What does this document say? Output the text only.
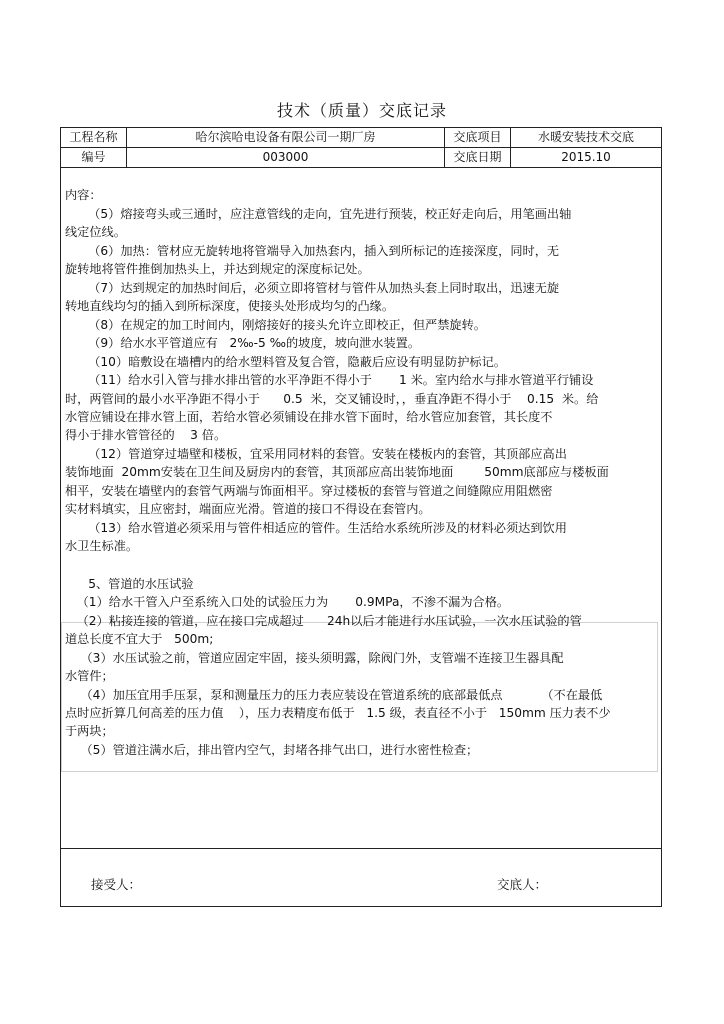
技术（质量）交底记录
工程名称	哈尔滨哈电设备有限公司一期厂房	交底项目	水暖安装技术交底
编号	003000	交底日期	2015.10
内容：
（5）熔接弯头或三通时，应注意管线的走向，宜先进行预装，校正好走向后，用笔画出轴
线定位线。
（6）加热：管材应无旋转地将管端导入加热套内，插入到所标记的连接深度，同时，无
旋转地将管件推倒加热头上，并达到规定的深度标记处。
（7）达到规定的加热时间后，必须立即将管材与管件从加热头套上同时取出，迅速无旋
转地直线均匀的插入到所标深度，使接头处形成均匀的凸缘。
（8）在规定的加工时间内，刚熔接好的接头允许立即校正，但严禁旋转。
（9）给水水平管道应有   2‰-5 ‰的坡度，坡向泄水装置。
（10）暗敷设在墙槽内的给水塑料管及复合管，隐蔽后应设有明显防护标记。
（11）给水引入管与排水排出管的水平净距不得小于       1 米。室内给水与排水管道平行铺设
时，两管间的最小水平净距不得小于      0.5  米，交叉铺设时，，垂直净距不得小于    0.15  米。给
水管应铺设在排水管上面，若给水管必须铺设在排水管下面时，给水管应加套管，其长度不
得小于排水管管径的    3 倍。
（12）管道穿过墙壁和楼板，宜采用同材料的套管。安装在楼板内的套管，其顶部应高出
装饰地面  20mm安装在卫生间及厨房内的套管，其顶部应高出装饰地面        50mm底部应与楼板面
相平，安装在墙壁内的套管气两端与饰面相平。穿过楼板的套管与管道之间缝隙应用阻燃密
实材料填实，且应密封，端面应光滑。管道的接口不得设在套管内。
（13）给水管道必须采用与管件相适应的管件。生活给水系统所涉及的材料必须达到饮用
水卫生标准。
5、管道的水压试验
（1）给水干管入户至系统入口处的试验压力为       0.9MPa，不渗不漏为合格。
（2）粘接连接的管道，应在接口完成超过      24h以后才能进行水压试验，一次水压试验的管
道总长度不宜大于   500m;
（3）水压试验之前，管道应固定牢固，接头须明露，除阀门外，支管端不连接卫生器具配
水管件；
（4）加压宜用手压泵，泵和测量压力的压力表应装设在管道系统的底部最低点          （不在最低
点时应折算几何高差的压力值    ），压力表精度布低于   1.5 级，表直径不小于   150mm 压力表不少
于两块；
（5）管道注满水后，排出管内空气，封堵各排气出口，进行水密性检查；
接受人：	交底人：
